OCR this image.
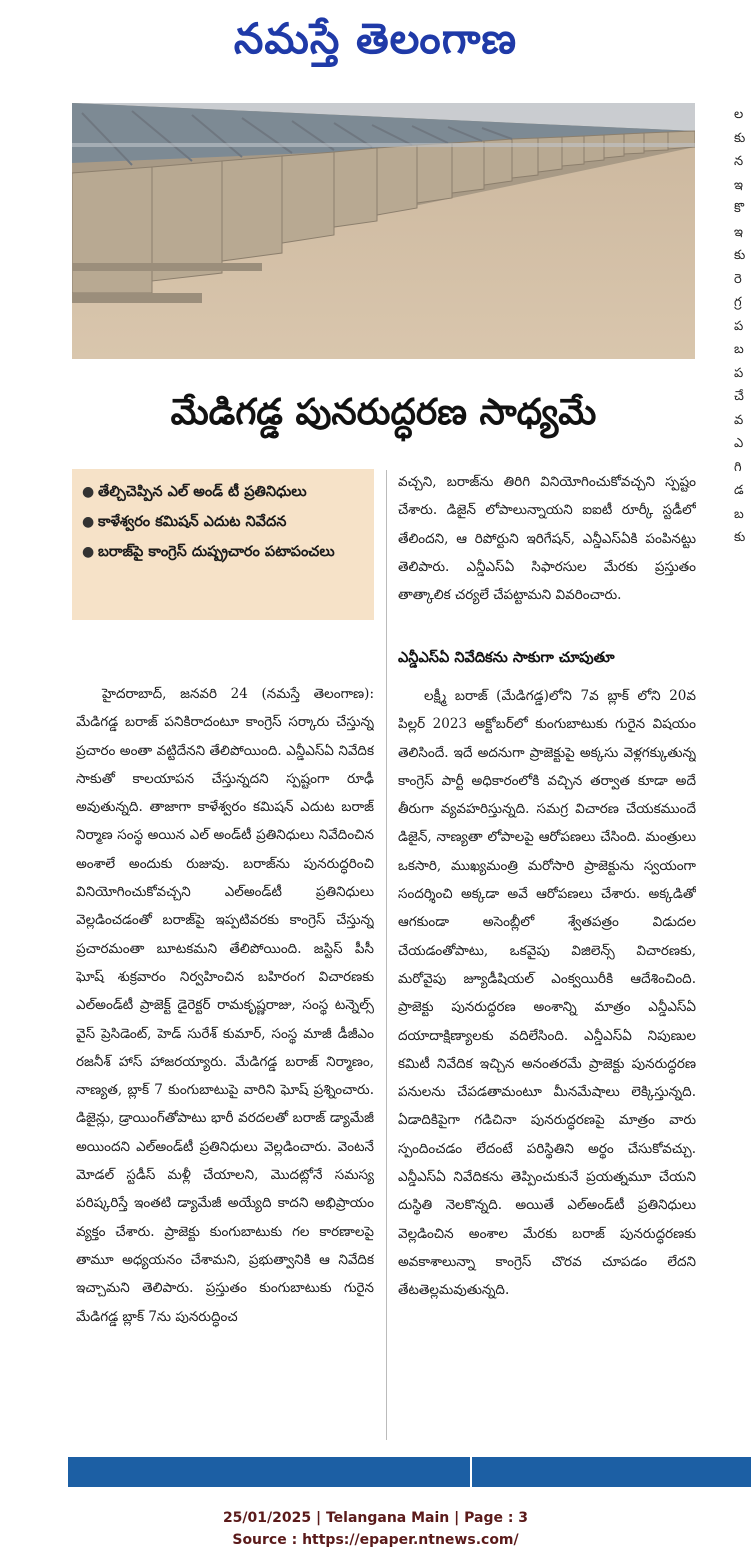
నమస్తే తెలంగాణ
మేడిగడ్డ పునరుద్ధరణ సాధ్యమే
● తేల్చిచెప్పిన ఎల్ అండ్ టీ ప్రతినిధులు
● కాళేశ్వరం కమిషన్ ఎదుట నివేదన
● బరాజ్‌పై కాంగ్రెస్ దుష్ప్రచారం పటాపంచలు

హైదరాబాద్, జనవరి 24 (నమస్తే తెలంగాణ): మేడిగడ్డ బరాజ్ పనికిరాదంటూ కాంగ్రెస్ సర్కారు చేస్తున్న ప్రచారం అంతా వట్టిదేనని తేలిపోయింది. ఎన్డీఎస్ఏ నివేదిక సాకుతో కాలయాపన చేస్తున్నదని స్పష్టంగా రూఢీ అవుతున్నది. తాజాగా కాళేశ్వరం కమిషన్ ఎదుట బరాజ్ నిర్మాణ సంస్థ అయిన ఎల్ అండ్‌టీ ప్రతినిధులు నివేదించిన అంశాలే అందుకు రుజువు. బరాజ్‌ను పునరుద్ధరించి వినియోగించుకోవచ్చని ఎల్‌అండ్‌టీ ప్రతినిధులు వెల్లడించడంతో బరాజ్‌పై ఇప్పటివరకు కాంగ్రెస్ చేస్తున్న ప్రచారమంతా బూటకమని తేలిపోయింది. జస్టిస్ పీసీ ఘోష్ శుక్రవారం నిర్వహించిన బహిరంగ విచారణకు ఎల్‌అండ్‌టీ ప్రాజెక్ట్ డైరెక్టర్ రామకృష్ణరాజు, సంస్థ టన్నెల్స్ వైస్ ప్రెసిడెంట్, హెడ్ సురేశ్ కుమార్, సంస్థ మాజీ డీజీఎం రజనీశ్ హాస్ హాజరయ్యారు. మేడిగడ్డ బరాజ్ నిర్మాణం, నాణ్యత, బ్లాక్ 7 కుంగుబాటుపై వారిని ఘోష్ ప్రశ్నించారు. డిజైన్లు, డ్రాయింగ్‌తోపాటు భారీ వరదలతో బరాజ్ డ్యామేజీ అయిందని ఎల్‌అండ్‌టీ ప్రతినిధులు వెల్లడించారు. వెంటనే మోడల్ స్టడీస్ మళ్లీ చేయాలని, మొదట్లోనే సమస్య పరిష్కరిస్తే ఇంతటి డ్యామేజీ అయ్యేది కాదని అభిప్రాయం వ్యక్తం చేశారు. ప్రాజెక్టు కుంగుబాటుకు గల కారణాలపై తామూ అధ్యయనం చేశామని, ప్రభుత్వానికి ఆ నివేదిక ఇచ్చామని తెలిపారు. ప్రస్తుతం కుంగుబాటుకు గురైన మేడిగడ్డ బ్లాక్ 7ను పునరుద్ధించ

వచ్చని, బరాజ్‌ను తిరిగి వినియోగించుకోవచ్చని స్పష్టం చేశారు. డిజైన్ లోపాలున్నాయని ఐఐటీ రూర్కీ స్టడీలో తేలిందని, ఆ రిపోర్టుని ఇరిగేషన్, ఎన్డీఎస్ఏకి పంపినట్టు తెలిపారు. ఎన్డీఎస్ఏ సిఫారసుల మేరకు ప్రస్తుతం తాత్కాలిక చర్యలే చేపట్టామని వివరించారు.

ఎన్డీఎస్ఏ నివేదికను సాకుగా చూపుతూ

లక్ష్మీ బరాజ్ (మేడిగడ్డ)లోని 7వ బ్లాక్ లోని 20వ పిల్లర్ 2023 అక్టోబర్‌లో కుంగుబాటుకు గురైన విషయం తెలిసిందే. ఇదే అదనుగా ప్రాజెక్టుపై అక్కసు వెళ్లగక్కుతున్న కాంగ్రెస్ పార్టీ అధికారంలోకి వచ్చిన తర్వాత కూడా అదే తీరుగా వ్యవహరిస్తున్నది. సమగ్ర విచారణ చేయకముందే డిజైన్, నాణ్యతా లోపాలపై ఆరోపణలు చేసింది. మంత్రులు ఒకసారి, ముఖ్యమంత్రి మరోసారి ప్రాజెక్టును స్వయంగా సందర్శించి అక్కడా అవే ఆరోపణలు చేశారు. అక్కడితో ఆగకుండా అసెంబ్లీలో శ్వేతపత్రం విడుదల చేయడంతోపాటు, ఒకవైపు విజిలెన్స్ విచారణకు, మరోవైపు జ్యూడీషియల్ ఎంక్వయిరీకి ఆదేశించింది. ప్రాజెక్టు పునరుద్ధరణ అంశాన్ని మాత్రం ఎన్డీఎస్ఏ దయాదాక్షిణ్యాలకు వదిలేసింది. ఎన్డీఎస్ఏ నిపుణుల కమిటీ నివేదిక ఇచ్చిన అనంతరమే ప్రాజెక్టు పునరుద్ధరణ పనులను చేపడతామంటూ మీనమేషాలు లెక్కిస్తున్నది. ఏడాదికిపైగా గడిచినా పునరుద్ధరణపై మాత్రం వారు స్పందించడం లేదంటే పరిస్థితిని అర్థం చేసుకోవచ్చు. ఎన్డీఎస్ఏ నివేదికను తెప్పించుకునే ప్రయత్నమూ చేయని దుస్థితి నెలకొన్నది. అయితే ఎల్‌అండ్‌టీ ప్రతినిధులు వెల్లడించిన అంశాల మేరకు బరాజ్ పునరుద్ధరణకు అవకాశాలున్నా కాంగ్రెస్ చొరవ చూపడం లేదని తేటతెల్లమవుతున్నది.

ల
కు
న
ఇ
కొ
ఇ
కు
రె
గ్ర
ప
బ
ప
చే
వ
ఎ
గి
డ
బ
కు
25/01/2025 | Telangana Main | Page : 3
Source : https://epaper.ntnews.com/
